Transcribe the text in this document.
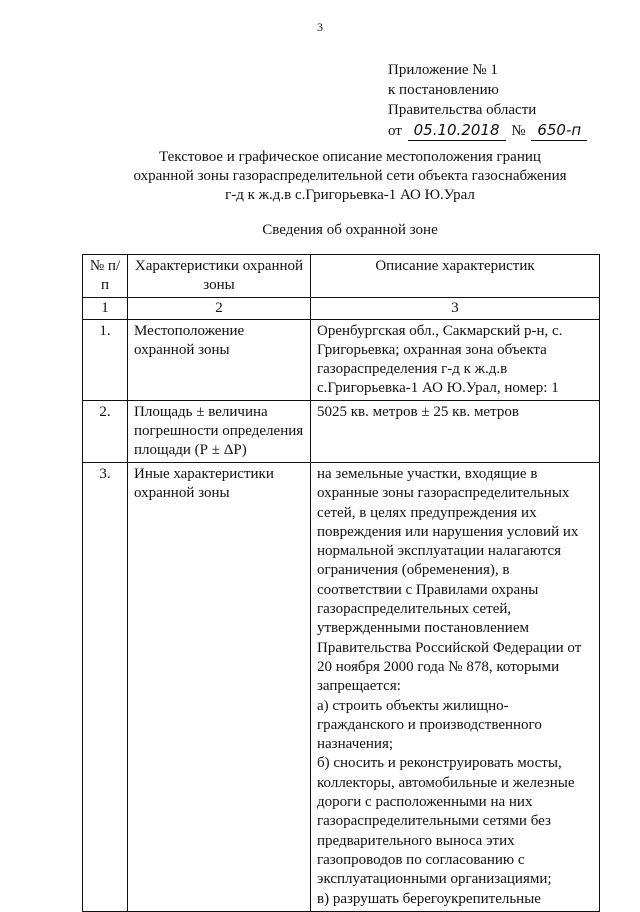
3
Приложение № 1
к постановлению
Правительства области
от 05.10.2018 № 650-п
Текстовое и графическое описание местоположения границ
охранной зоны газораспределительной сети объекта газоснабжения
г-д к ж.д.в с.Григорьевка-1 АО Ю.Урал
Сведения об охранной зоне
№ п/п	Характеристики охранной зоны	Описание характеристик
1	2	3
1.	Местоположение охранной зоны	Оренбургская обл., Сакмарский р-н, с. Григорьевка; охранная зона объекта газораспределения г-д к ж.д.в с.Григорьевка-1 АО Ю.Урал, номер: 1
2.	Площадь ± величина погрешности определения площади (Р ± ΔР)	5025 кв. метров ± 25 кв. метров
3.	Иные характеристики охранной зоны	на земельные участки, входящие в охранные зоны газораспределительных сетей, в целях предупреждения их повреждения или нарушения условий их нормальной эксплуатации налагаются ограничения (обременения), в соответствии с Правилами охраны газораспределительных сетей, утвержденными постановлением Правительства Российской Федерации от 20 ноября 2000 года № 878, которыми запрещается:
а) строить объекты жилищно-гражданского и производственного назначения;
б) сносить и реконструировать мосты, коллекторы, автомобильные и железные дороги с расположенными на них газораспределительными сетями без предварительного выноса этих газопроводов по согласованию с эксплуатационными организациями;
в) разрушать берегоукрепительные
